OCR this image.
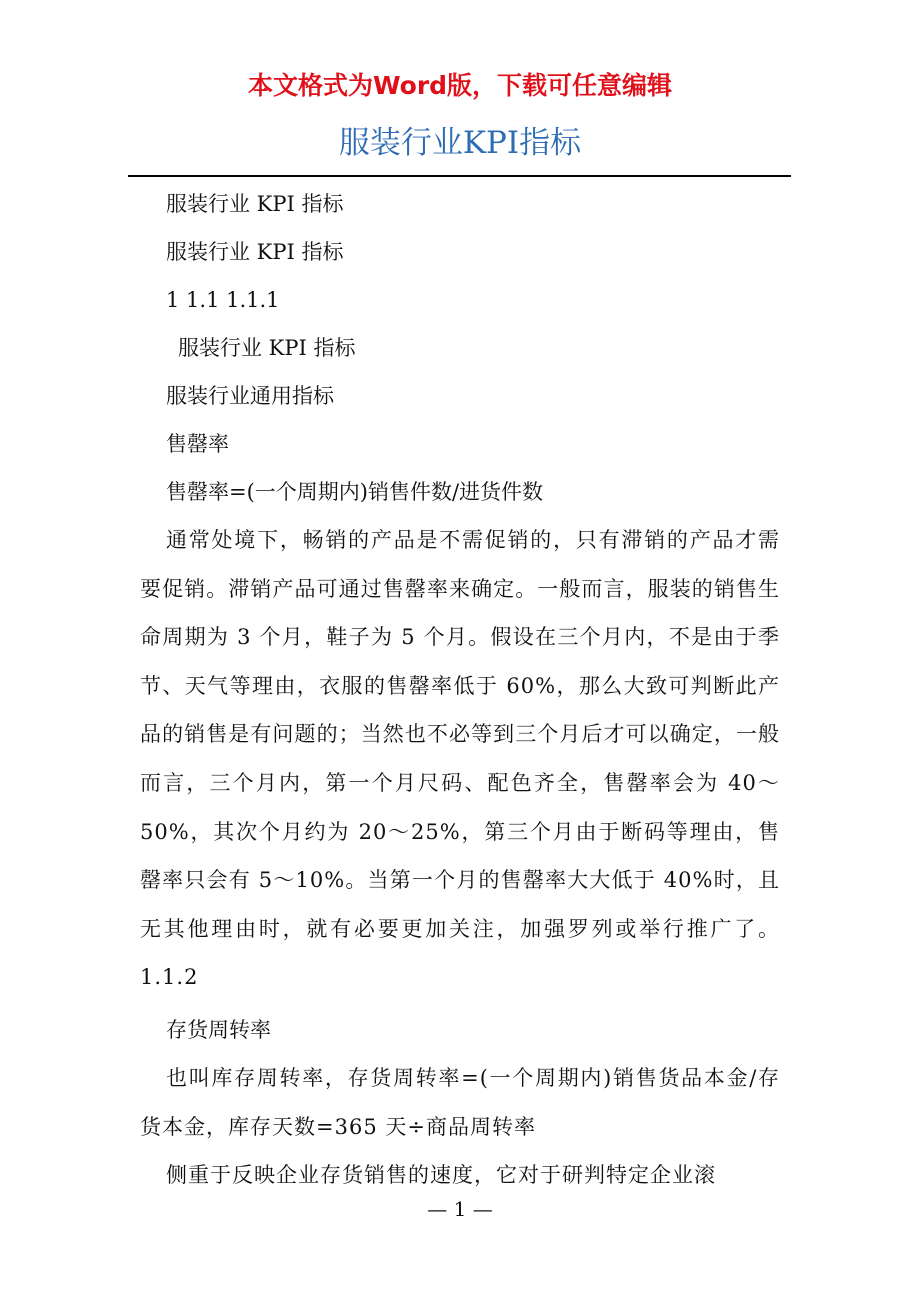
本文格式为Word版，下载可任意编辑
服装行业KPI指标

服装行业 KPI 指标

服装行业 KPI 指标

1 1.1 1.1.1

服装行业 KPI 指标

服装行业通用指标

售罄率

售罄率=(一个周期内)销售件数/进货件数

通常处境下，畅销的产品是不需促销的，只有滞销的产品才需要促销。滞销产品可通过售罄率来确定。一般而言，服装的销售生命周期为 3 个月，鞋子为 5 个月。假设在三个月内，不是由于季节、天气等理由，衣服的售罄率低于 60%，那么大致可判断此产品的销售是有问题的；当然也不必等到三个月后才可以确定，一般而言，三个月内，第一个月尺码、配色齐全，售罄率会为 40～50%，其次个月约为 20～25%，第三个月由于断码等理由，售罄率只会有 5～10%。当第一个月的售罄率大大低于 40%时，且无其他理由时，就有必要更加关注，加强罗列或举行推广了。 1.1.2

存货周转率

也叫库存周转率，存货周转率=(一个周期内)销售货品本金/存货本金，库存天数=365 天÷商品周转率

侧重于反映企业存货销售的速度，它对于研判特定企业滚

— 1 —
